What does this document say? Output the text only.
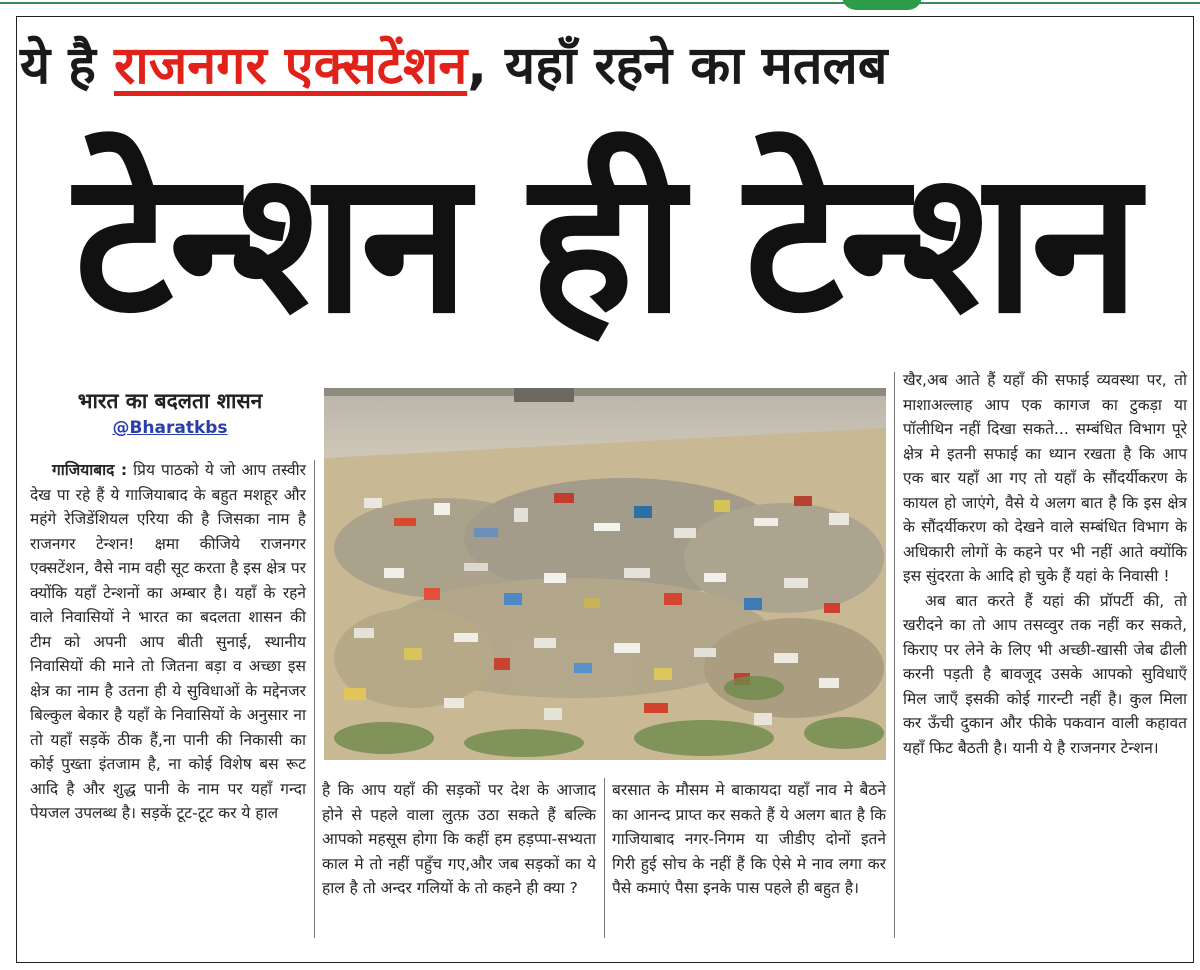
ये है राजनगर एक्सटेंशन, यहाँ रहने का मतलब
टेन्शन ही टेन्शन
भारत का बदलता शासन
@Bharatkbs

गाजियाबाद : प्रिय पाठको ये जो आप तस्वीर देख पा रहे हैं ये गाजियाबाद के बहुत मशहूर और महंगे रेजिडेंशियल एरिया की है जिसका नाम है राजनगर टेन्शन! क्षमा कीजिये राजनगर एक्सटेंशन, वैसे नाम वही सूट करता है इस क्षेत्र पर क्योंकि यहाँ टेन्शनों का अम्बार है। यहाँ के रहने वाले निवासियों ने भारत का बदलता शासन की टीम को अपनी आप बीती सुनाई, स्थानीय निवासियों की माने तो जितना बड़ा व अच्छा इस क्षेत्र का नाम है उतना ही ये सुविधाओं के मद्देनजर बिल्कुल बेकार है यहाँ के निवासियों के अनुसार ना तो यहाँ सड़कें ठीक हैं,ना पानी की निकासी का कोई पुख्ता इंतजाम है, ना कोई विशेष बस रूट आदि है और शुद्ध पानी के नाम पर यहाँ गन्दा पेयजल उपलब्ध है। सड़कें टूट-टूट कर ये हाल

है कि आप यहाँ की सड़कों पर देश के आजाद होने से पहले वाला लुत्फ़ उठा सकते हैं बल्कि आपको महसूस होगा कि कहीं हम हड़प्पा-सभ्यता काल मे तो नहीं पहुँच गए,और जब सड़कों का ये हाल है तो अन्दर गलियों के तो कहने ही क्या ?

बरसात के मौसम मे बाकायदा यहाँ नाव मे बैठने का आनन्द प्राप्त कर सकते हैं ये अलग बात है कि गाजियाबाद नगर-निगम या जीडीए दोनों इतने गिरी हुई सोच के नहीं हैं कि ऐसे मे नाव लगा कर पैसे कमाएं पैसा इनके पास पहले ही बहुत है।

खैर,अब आते हैं यहाँ की सफाई व्यवस्था पर, तो माशाअल्लाह आप एक कागज का टुकड़ा या पॉलीथिन नहीं दिखा सकते... सम्बंधित विभाग पूरे क्षेत्र मे इतनी सफाई का ध्यान रखता है कि आप एक बार यहाँ आ गए तो यहाँ के सौंदर्यीकरण के कायल हो जाएंगे, वैसे ये अलग बात है कि इस क्षेत्र के सौंदर्यीकरण को देखने वाले सम्बंधित विभाग के अधिकारी लोगों के कहने पर भी नहीं आते क्योंकि इस सुंदरता के आदि हो चुके हैं यहां के निवासी !

अब बात करते हैं यहां की प्रॉपर्टी की, तो खरीदने का तो आप तसव्वुर तक नहीं कर सकते, किराए पर लेने के लिए भी अच्छी-खासी जेब ढीली करनी पड़ती है बावजूद उसके आपको सुविधाएँ मिल जाएँ इसकी कोई गारन्टी नहीं है। कुल मिला कर ऊँची दुकान और फीके पकवान वाली कहावत यहाँ फिट बैठती है। यानी ये है राजनगर टेन्शन।
